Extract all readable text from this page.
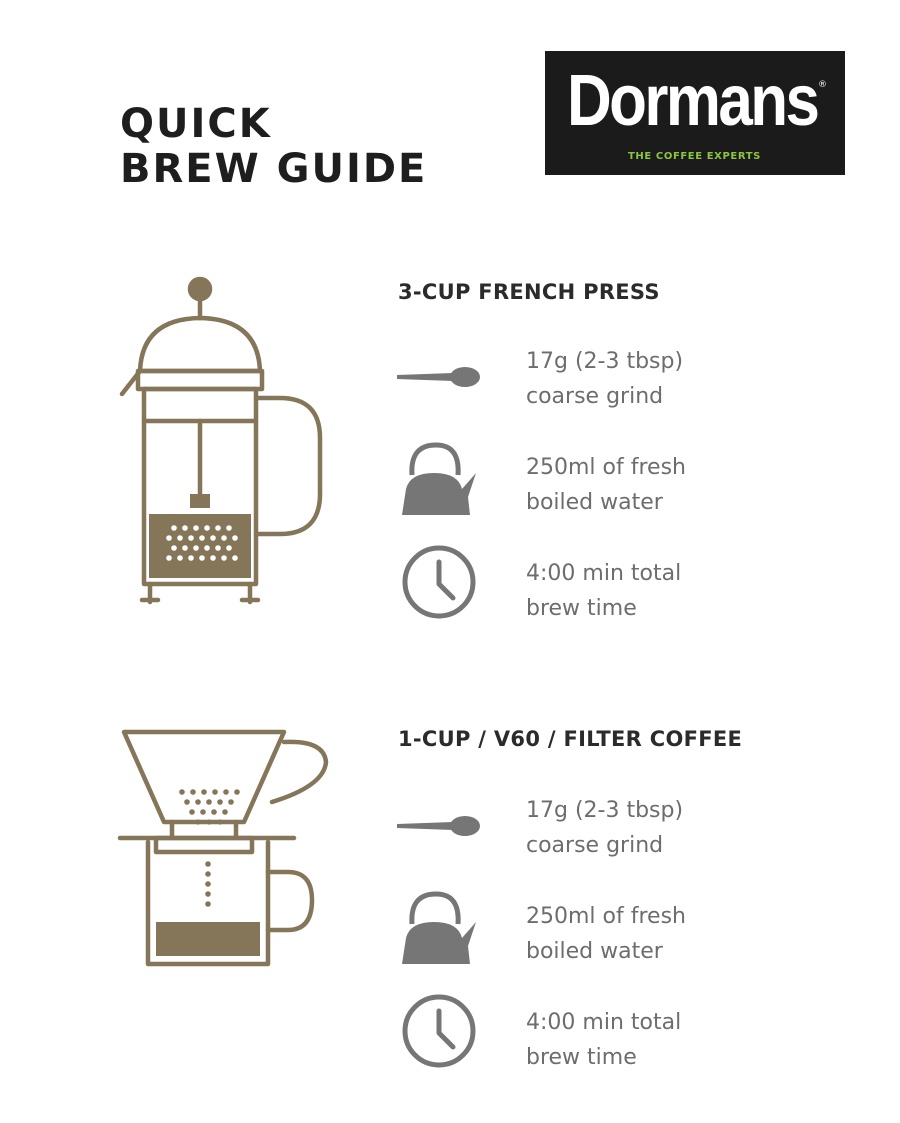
QUICK
BREW GUIDE

Dormans ®

THE COFFEE EXPERTS

3-CUP FRENCH PRESS

17g (2-3 tbsp)
coarse grind

250ml of fresh
boiled water

4:00 min total
brew time

1-CUP / V60 / FILTER COFFEE

17g (2-3 tbsp)
coarse grind

250ml of fresh
boiled water

4:00 min total
brew time
